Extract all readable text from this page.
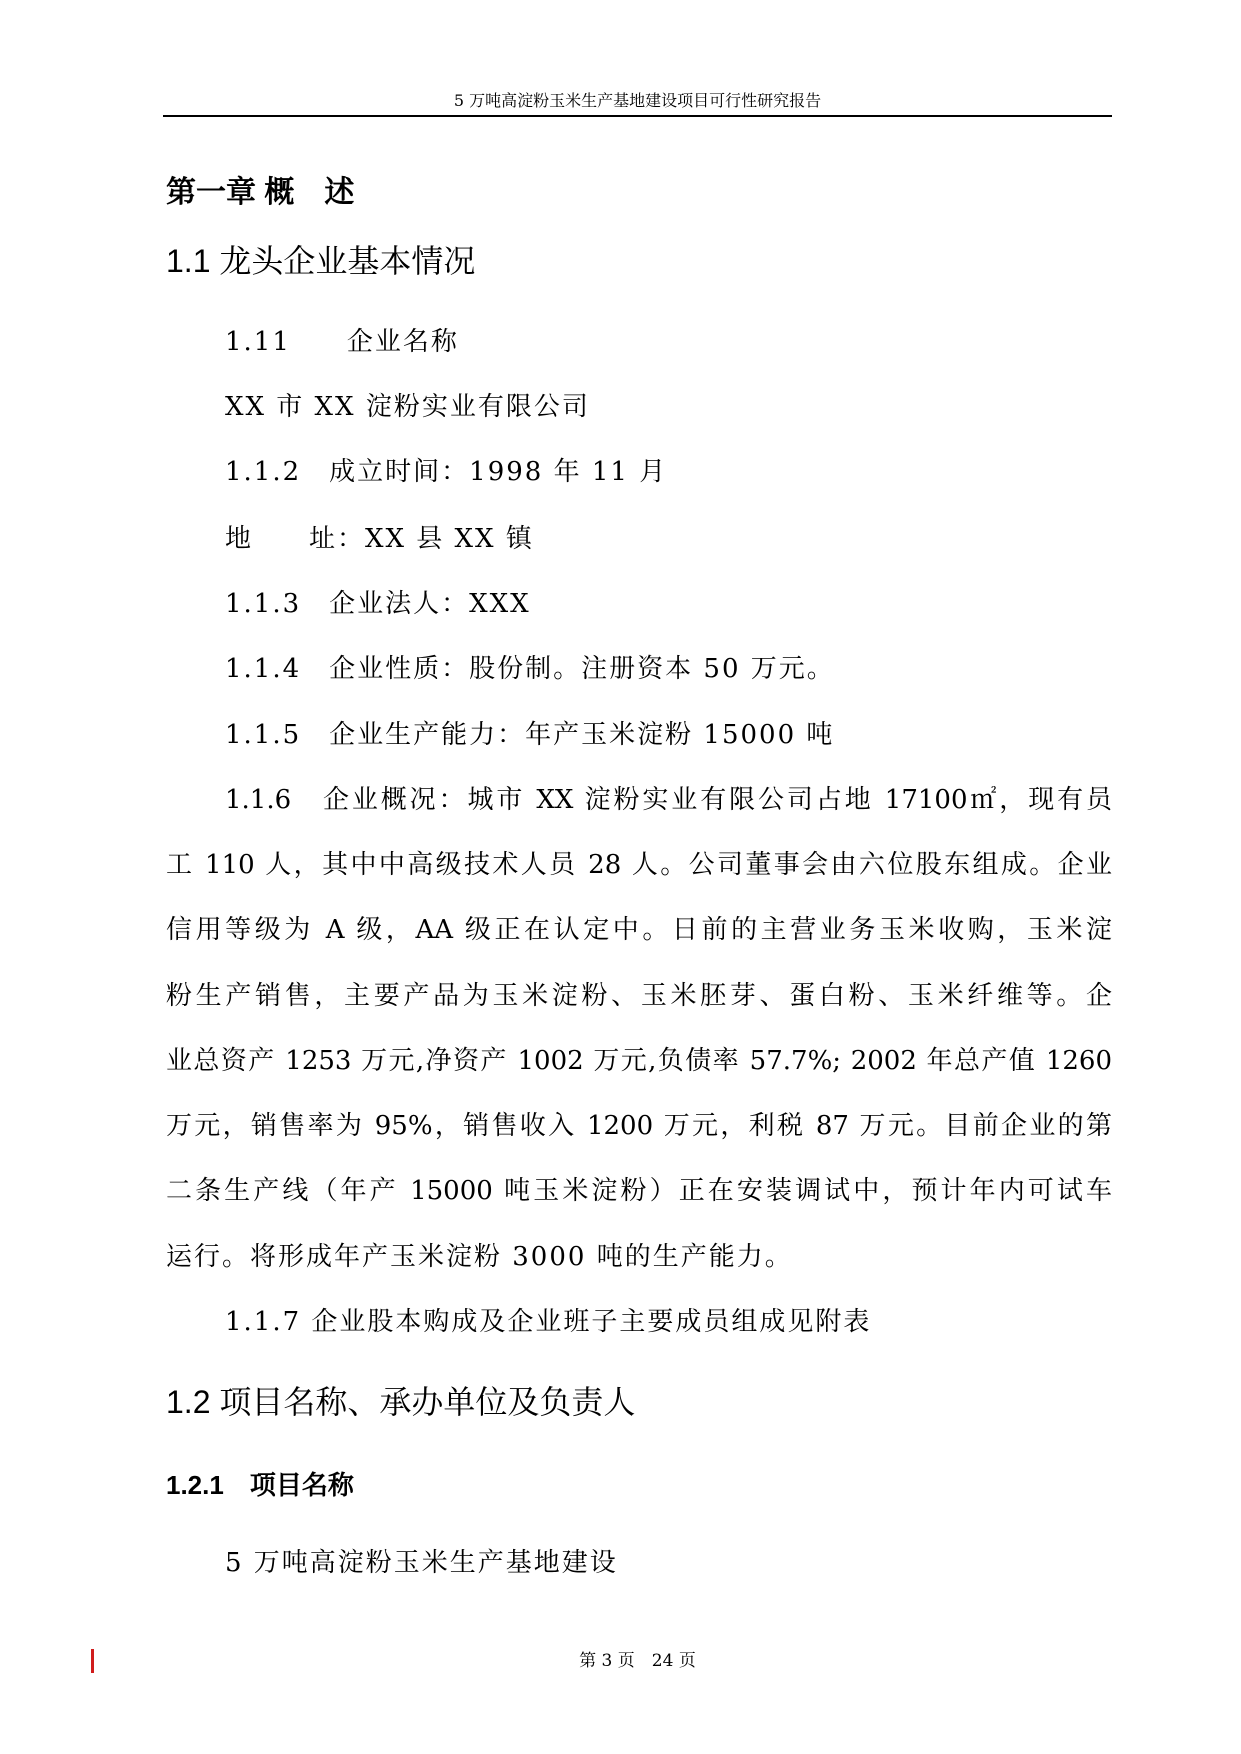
5 万吨高淀粉玉米生产基地建设项目可行性研究报告
第一章 概　述
1.1 龙头企业基本情况
1.11　　企业名称
XX 市 XX 淀粉实业有限公司
1.1.2　成立时间：1998 年 11 月
地　　址：XX 县 XX 镇
1.1.3　企业法人：XXX
1.1.4　企业性质：股份制。注册资本 50 万元。
1.1.5　企业生产能力：年产玉米淀粉 15000 吨
1.1.6　企业概况：城市 XX 淀粉实业有限公司占地 17100㎡，现有员
工 110 人，其中中高级技术人员 28 人。公司董事会由六位股东组成。企业
信用等级为 A 级，AA 级正在认定中。日前的主营业务玉米收购，玉米淀
粉生产销售，主要产品为玉米淀粉、玉米胚芽、蛋白粉、玉米纤维等。企
业总资产 1253 万元,净资产 1002 万元,负债率 57.7%; 2002 年总产值 1260
万元，销售率为 95%，销售收入 1200 万元，利税 87 万元。目前企业的第
二条生产线（年产 15000 吨玉米淀粉）正在安装调试中，预计年内可试车
运行。将形成年产玉米淀粉 3000 吨的生产能力。
1.1.7 企业股本购成及企业班子主要成员组成见附表
1.2 项目名称、承办单位及负责人
1.2.1　项目名称
5 万吨高淀粉玉米生产基地建设
第 3 页　24 页
